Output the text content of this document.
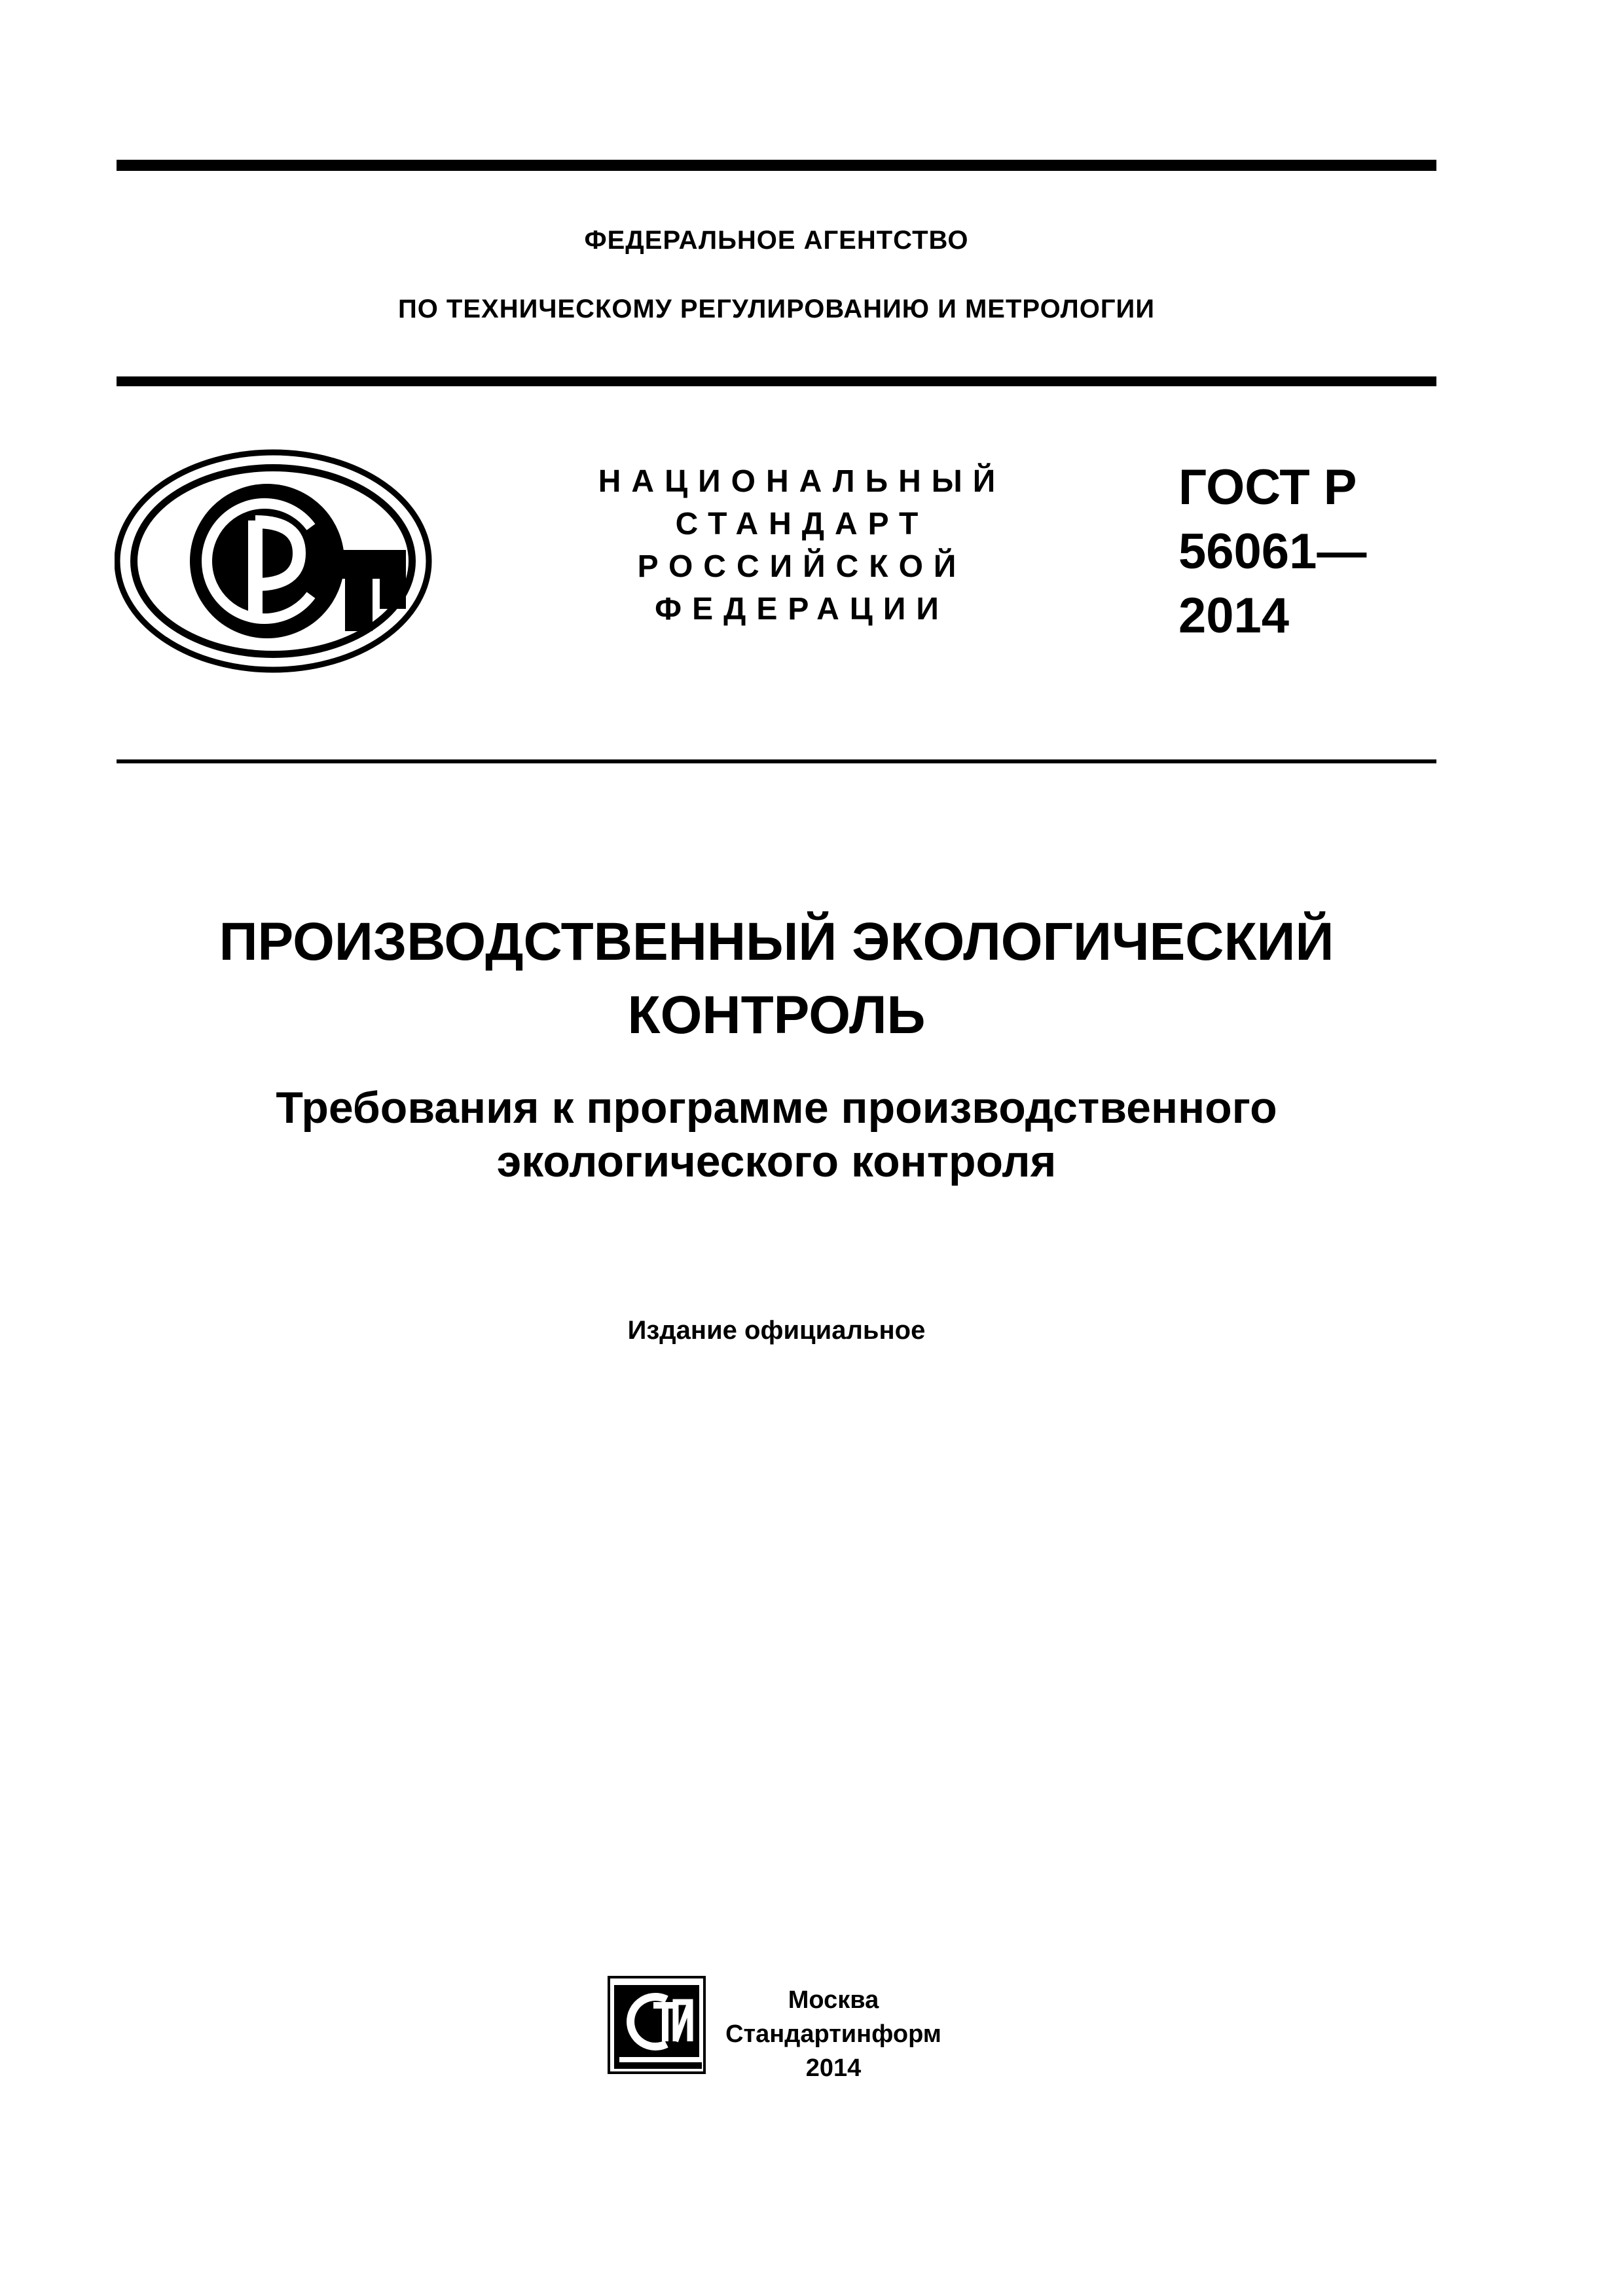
ФЕДЕРАЛЬНОЕ АГЕНТСТВО
ПО ТЕХНИЧЕСКОМУ РЕГУЛИРОВАНИЮ И МЕТРОЛОГИИ
НАЦИОНАЛЬНЫЙ
СТАНДАРТ
РОССИЙСКОЙ
ФЕДЕРАЦИИ
ГОСТ Р
56061—
2014
ПРОИЗВОДСТВЕННЫЙ ЭКОЛОГИЧЕСКИЙ
КОНТРОЛЬ
Требования к программе производственного
экологического контроля
Издание официальное
Москва
Стандартинформ
2014
